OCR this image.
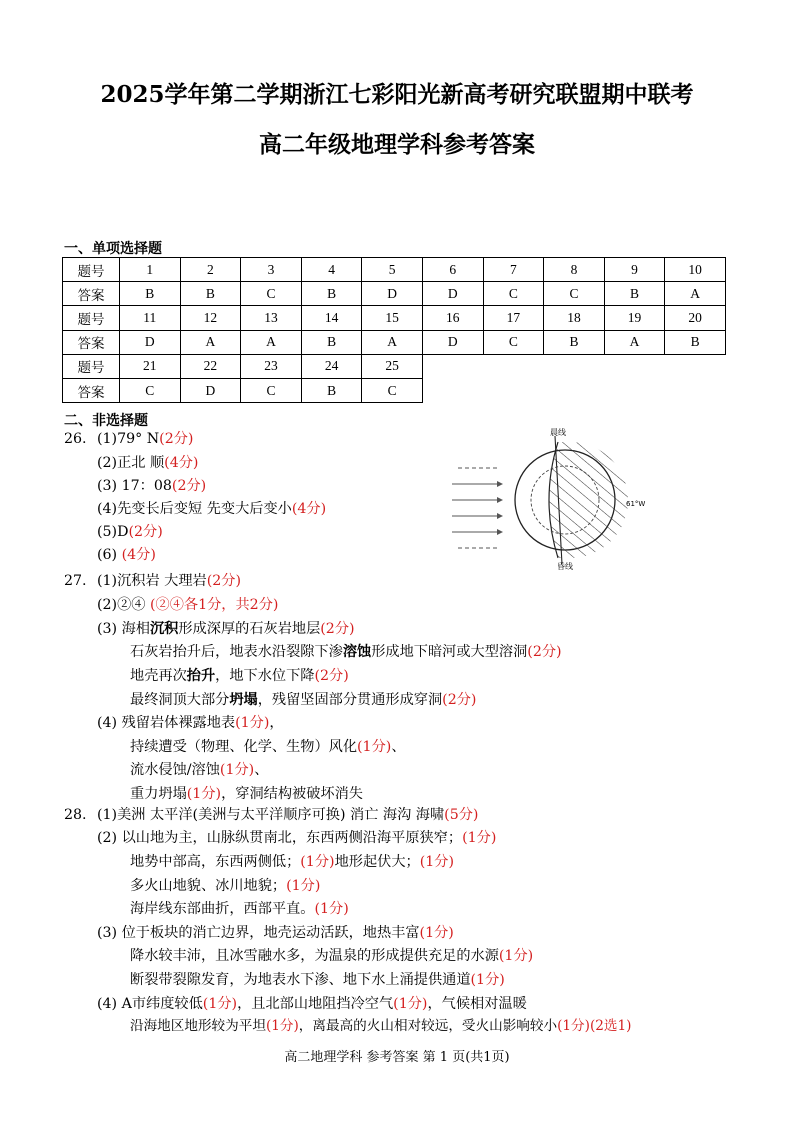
2025学年第二学期浙江七彩阳光新高考研究联盟期中联考
高二年级地理学科参考答案
一、单项选择题
题号	1	2	3	4	5	6	7	8	9	10
答案	B	B	C	B	D	D	C	C	B	A
题号	11	12	13	14	15	16	17	18	19	20
答案	D	A	A	B	A	D	C	B	A	B
题号	21	22	23	24	25					
答案	C	D	C	B	C					
二、非选择题
晨线
昏线
61°W
26. (1)79° N(2分)
(2)正北 顺(4分)
(3) 17：08(2分)
(4)先变长后变短 先变大后变小(4分)
(5)D(2分)
(6) (4分)
27. (1)沉积岩 大理岩(2分)
(2)②④ (②④各1分，共2分)
(3) 海相沉积形成深厚的石灰岩地层(2分)
石灰岩抬升后，地表水沿裂隙下渗溶蚀形成地下暗河或大型溶洞(2分)
地壳再次抬升，地下水位下降(2分)
最终洞顶大部分坍塌，残留坚固部分贯通形成穿洞(2分)
(4) 残留岩体裸露地表(1分)，
持续遭受（物理、化学、生物）风化(1分)、
流水侵蚀/溶蚀(1分)、
重力坍塌(1分)，穿洞结构被破坏消失
28. (1)美洲 太平洋(美洲与太平洋顺序可换) 消亡 海沟 海啸(5分)
(2) 以山地为主，山脉纵贯南北，东西两侧沿海平原狭窄；(1分)
地势中部高，东西两侧低；(1分)地形起伏大；(1分)
多火山地貌、冰川地貌；(1分)
海岸线东部曲折，西部平直。(1分)
(3) 位于板块的消亡边界，地壳运动活跃，地热丰富(1分)
降水较丰沛，且冰雪融水多，为温泉的形成提供充足的水源(1分)
断裂带裂隙发育，为地表水下渗、地下水上涌提供通道(1分)
(4) A市纬度较低(1分)，且北部山地阻挡冷空气(1分)，气候相对温暖
沿海地区地形较为平坦(1分)，离最高的火山相对较远，受火山影响较小(1分)(2选1)
高二地理学科 参考答案 第 1 页(共1页)
